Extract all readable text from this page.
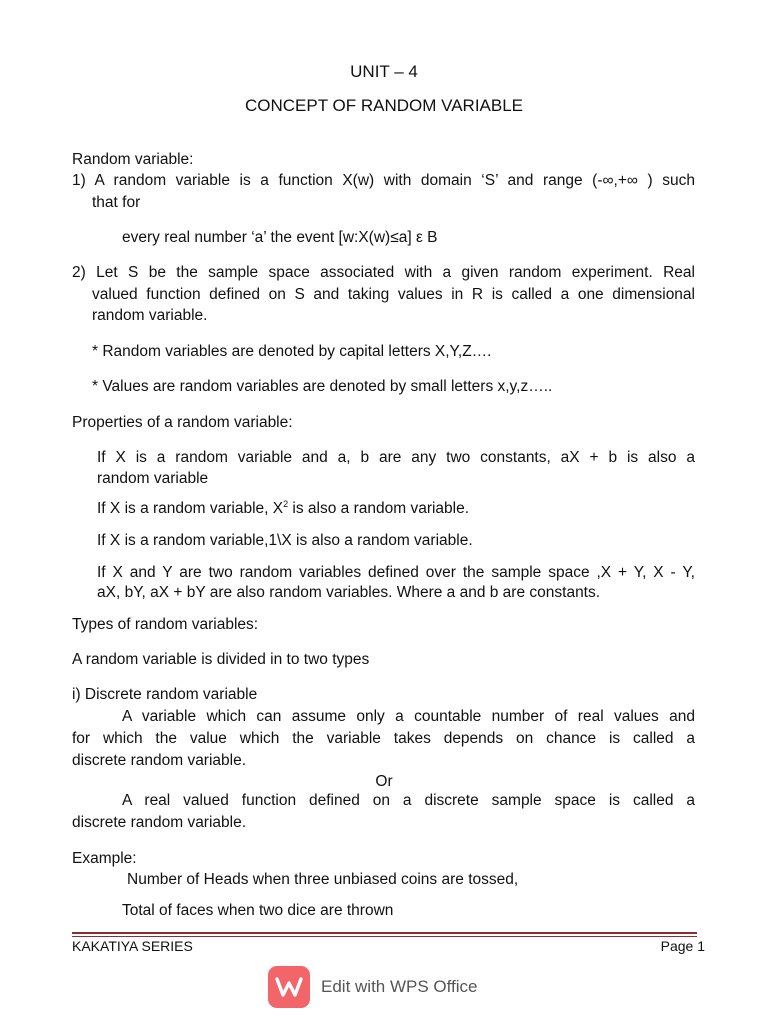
UNIT – 4

CONCEPT OF RANDOM VARIABLE

Random variable:

1) A random variable is a function X(w) with domain ‘S’ and range (-∞,+∞ ) such

that for

every real number ‘a’ the event [w:X(w)≤a] ε B

2) Let S be the sample space associated with a given random experiment. Real

valued function defined on S and taking values in R is called a one dimensional

random variable.

* Random variables are denoted by capital letters X,Y,Z….

* Values are random variables are denoted by small letters x,y,z…..

Properties of a random variable:

If X is a random variable and a, b are any two constants, aX + b is also a

random variable

If X is a random variable, $X^2$ is also a random variable.

If X is a random variable,1\X is also a random variable.

If X and Y are two random variables defined over the sample space ,X + Y, X - Y,

aX, bY, aX + bY are also random variables. Where a and b are constants.

Types of random variables:

A random variable is divided in to two types

i) Discrete random variable

A variable which can assume only a countable number of real values and

for which the value which the variable takes depends on chance is called a

discrete random variable.

Or

A real valued function defined on a discrete sample space is called a

discrete random variable.

Example:

Number of Heads when three unbiased coins are tossed,

Total of faces when two dice are thrown

KAKATIYA SERIES	Page 1

Edit with WPS Office
